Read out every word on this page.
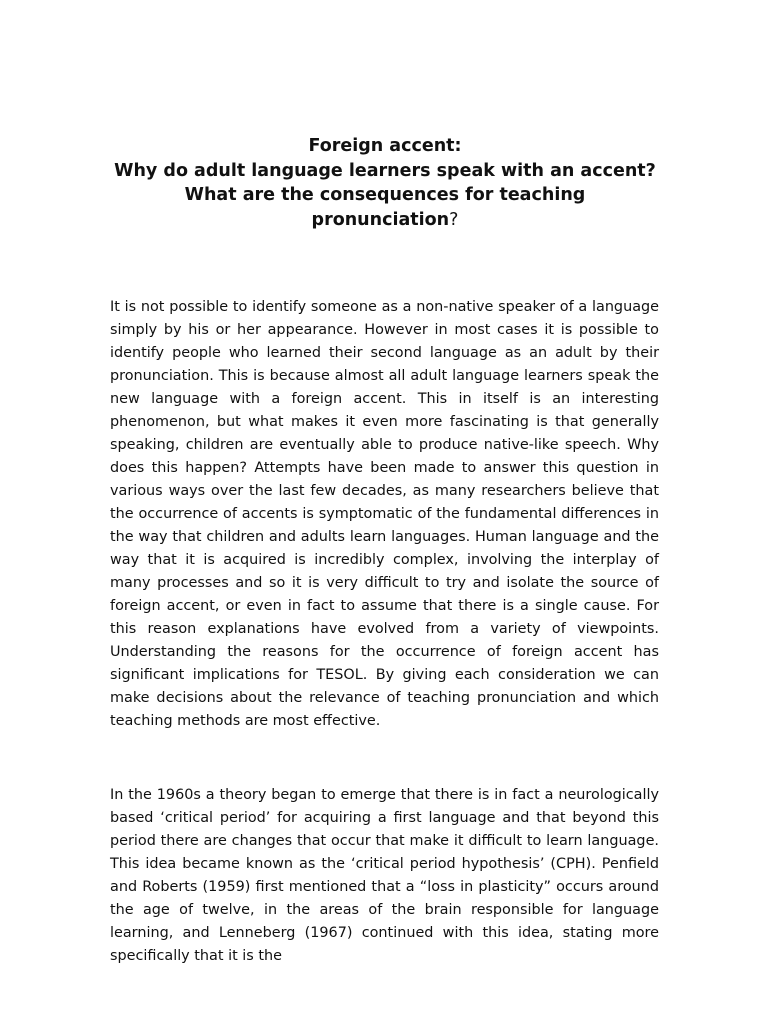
Foreign accent:
Why do adult language learners speak with an accent?
What are the consequences for teaching pronunciation?

It is not possible to identify someone as a non-native speaker of a language simply by his or her appearance. However in most cases it is possible to identify people who learned their second language as an adult by their pronunciation. This is because almost all adult language learners speak the new language with a foreign accent. This in itself is an interesting phenomenon, but what makes it even more fascinating is that generally speaking, children are eventually able to produce native-like speech. Why does this happen? Attempts have been made to answer this question in various ways over the last few decades, as many researchers believe that the occurrence of accents is symptomatic of the fundamental differences in the way that children and adults learn languages. Human language and the way that it is acquired is incredibly complex, involving the interplay of many processes and so it is very difficult to try and isolate the source of foreign accent, or even in fact to assume that there is a single cause. For this reason explanations have evolved from a variety of viewpoints. Understanding the reasons for the occurrence of foreign accent has significant implications for TESOL. By giving each consideration we can make decisions about the relevance of teaching pronunciation and which teaching methods are most effective.

In the 1960s a theory began to emerge that there is in fact a neurologically based ‘critical period’ for acquiring a first language and that beyond this period there are changes that occur that make it difficult to learn language. This idea became known as the ‘critical period hypothesis’ (CPH). Penfield and Roberts (1959) first mentioned that a “loss in plasticity” occurs around the age of twelve, in the areas of the brain responsible for language learning, and Lenneberg (1967) continued with this idea, stating more specifically that it is the
